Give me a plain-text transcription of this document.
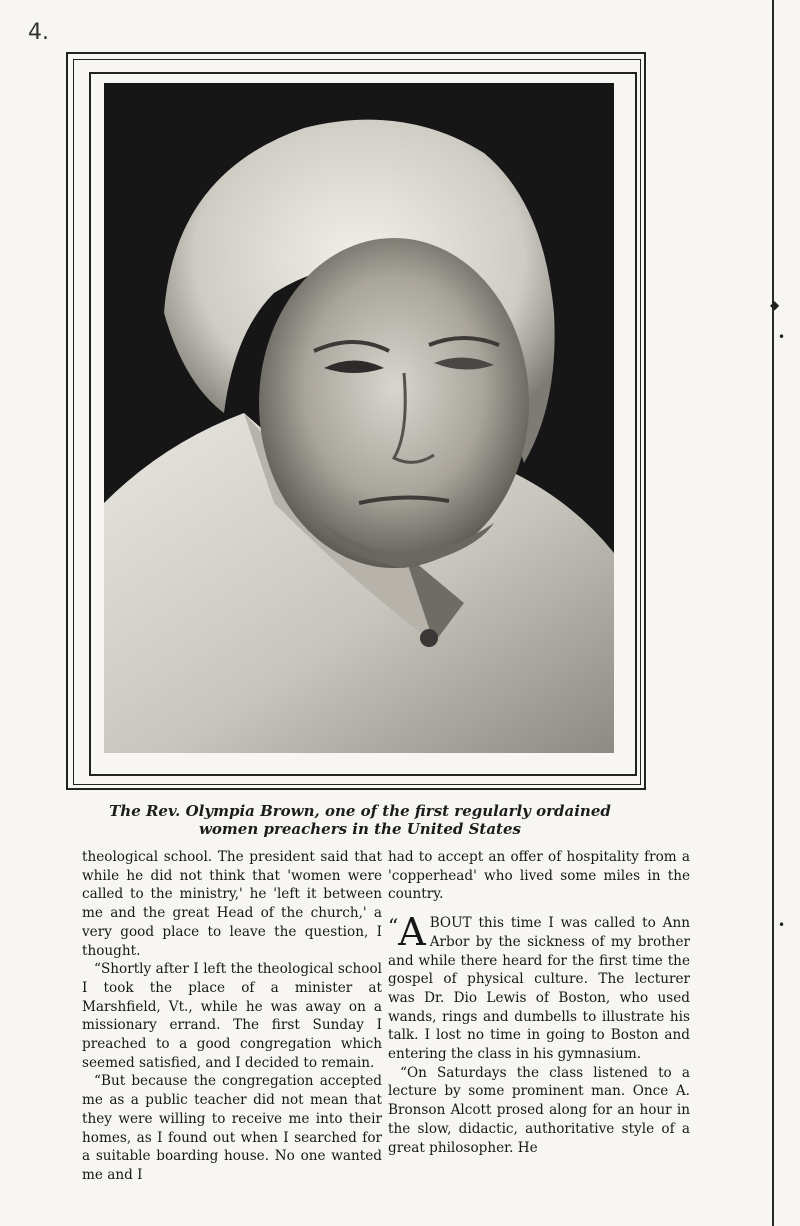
4.
The Rev. Olympia Brown, one of the first regularly ordained
women preachers in the United States

theological school. The president said that while he did not think that 'women were called to the ministry,' he 'left it between me and the great Head of the church,' a very good place to leave the question, I thought.

“Shortly after I left the theological school I took the place of a minister at Marshfield, Vt., while he was away on a missionary errand. The first Sunday I preached to a good congregation which seemed satisfied, and I decided to remain.

“But because the congregation accepted me as a public teacher did not mean that they were willing to receive me into their homes, as I found out when I searched for a suitable boarding house. No one wanted me and I

had to accept an offer of hospitality from a 'copperhead' who lived some miles in the country.

“A BOUT this time I was called to Ann Arbor by the sickness of my brother and while there heard for the first time the gospel of physical culture. The lecturer was Dr. Dio Lewis of Boston, who used wands, rings and dumbells to illustrate his talk. I lost no time in going to Boston and entering the class in his gymnasium.

“On Saturdays the class listened to a lecture by some prominent man. Once A. Bronson Alcott prosed along for an hour in the slow, didactic, authoritative style of a great philosopher. He

◆
•
•
